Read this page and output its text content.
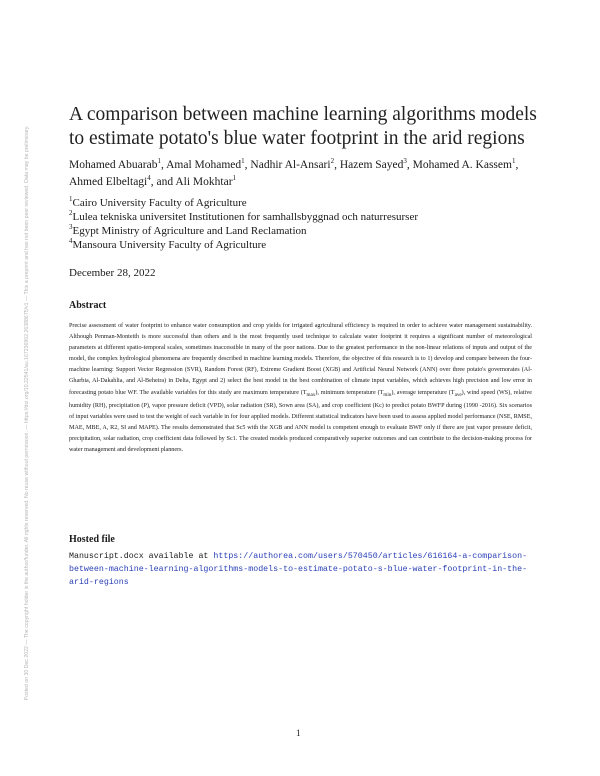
Posted on 30 Dec 2022 — The copyright holder is the author/funder. All rights reserved. No reuse without permission. — https://doi.org/10.22541/au.167236962.26388675/v1 — This a preprint and has not been peer reviewed. Data may be preliminary.
A comparison between machine learning algorithms models to estimate potato's blue water footprint in the arid regions

Mohamed Abuarab$^1$, Amal Mohamed$^1$, Nadhir Al-Ansari$^2$, Hazem Sayed$^3$, Mohamed A. Kassem$^1$, Ahmed Elbeltagi$^4$, and Ali Mokhtar$^1$

$^1$Cairo University Faculty of Agriculture
$^2$Lulea tekniska universitet Institutionen for samhallsbyggnad och naturresurser
$^3$Egypt Ministry of Agriculture and Land Reclamation
$^4$Mansoura University Faculty of Agriculture
December 28, 2022
Abstract

Precise assessment of water footprint to enhance water consumption and crop yields for irrigated agricultural efficiency is required in order to achieve water management sustainability. Although Penman-Monteith is more successful than others and is the most frequently used technique to calculate water footprint it requires a significant number of meteorological parameters at different spatio-temporal scales, sometimes inaccessible in many of the poor nations. Due to the greatest performance in the non-linear relations of inputs and output of the model, the complex hydrological phenomena are frequently described in machine learning models. Therefore, the objective of this research is to 1) develop and compare between the four-machine learning: Support Vector Regression (SVR), Random Forest (RF), Extreme Gradient Boost (XGB) and Artificial Neural Network (ANN) over three potato's governorates (Al-Gharbia, Al-Dakahlia, and Al-Beheira) in Delta, Egypt and 2) select the best model in the best combination of climate input variables, which achieves high precision and low error in forecasting potato blue WF. The available variables for this study are maximum temperature $(T_{max})$, minimum temperature $(T_{min})$, average temperature $(T_{ave})$, wind speed (WS), relative humidity (RH), precipitation (P), vapor pressure deficit (VPD), solar radiation (SR), Sown area (SA), and crop coefficient (Kc) to predict potato BWFP during (1990 -2016). Six scenarios of input variables were used to test the weight of each variable in for four applied models. Different statistical indicators have been used to assess applied model performance (NSE, RMSE, MAE, MBE, A, R2, SI and MAPE). The results demonstrated that Sc5 with the XGB and ANN model is competent enough to evaluate BWF only if there are just vapor pressure deficit, precipitation, solar radiation, crop coefficient data followed by Sc1. The created models produced comparatively superior outcomes and can contribute to the decision-making process for water management and development planners.

Hosted file

Manuscript.docx available at https://authorea.com/users/570450/articles/616164-a-comparison-between-machine-learning-algorithms-models-to-estimate-potato-s-blue-water-footprint-in-the-arid-regions

1
